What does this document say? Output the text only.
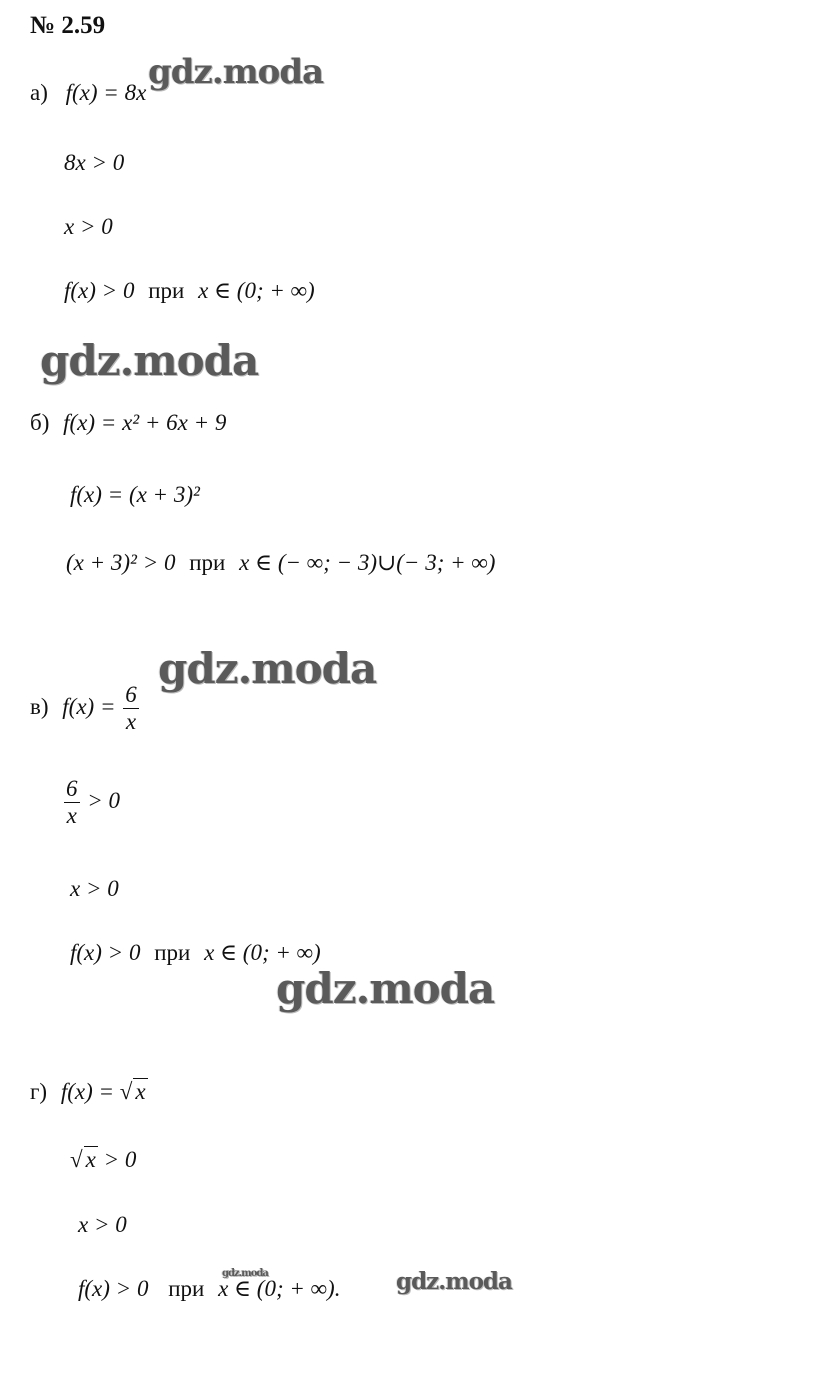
№ 2.59
gdz.moda
gdz.moda
gdz.moda
gdz.moda
gdz.moda
gdz.moda
а) f(x) = 8x
8x > 0
x > 0
f(x) > 0 при x ∈ (0; + ∞)
б) f(x) = x² + 6x + 9
f(x) = (x + 3)²
(x + 3)² > 0 при x ∈ (− ∞; − 3)∪(− 3; + ∞)
в) $f(x) = \frac{6}{x}$
$\frac{6}{x} > 0$
x > 0
f(x) > 0 при x ∈ (0; + ∞)
г) f(x) = √ x
√ x > 0
x > 0
f(x) > 0 при x ∈ (0; + ∞).
